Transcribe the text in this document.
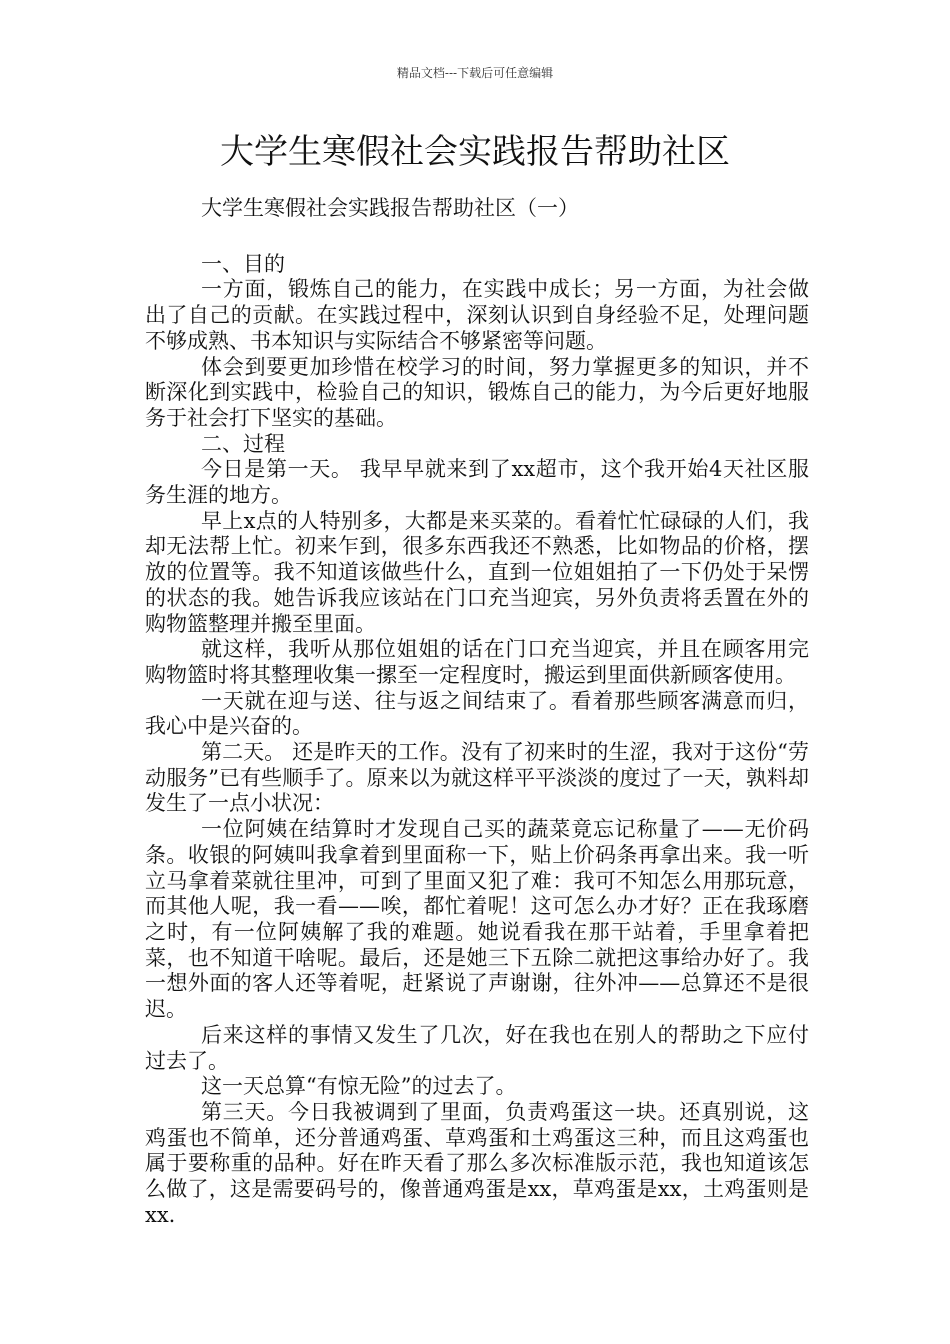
精品文档---下载后可任意编辑
大学生寒假社会实践报告帮助社区

大学生寒假社会实践报告帮助社区（一）

一、目的

一方面，锻炼自己的能力，在实践中成长；另一方面，为社会做出了自己的贡献。在实践过程中，深刻认识到自身经验不足，处理问题不够成熟、书本知识与实际结合不够紧密等问题。

体会到要更加珍惜在校学习的时间，努力掌握更多的知识，并不断深化到实践中，检验自己的知识，锻炼自己的能力，为今后更好地服务于社会打下坚实的基础。

二、过程

今日是第一天。 我早早就来到了xx超市，这个我开始4天社区服务生涯的地方。

早上x点的人特别多，大都是来买菜的。看着忙忙碌碌的人们，我却无法帮上忙。初来乍到，很多东西我还不熟悉，比如物品的价格，摆放的位置等。我不知道该做些什么，直到一位姐姐拍了一下仍处于呆愣的状态的我。她告诉我应该站在门口充当迎宾，另外负责将丢置在外的购物篮整理并搬至里面。

就这样，我听从那位姐姐的话在门口充当迎宾，并且在顾客用完购物篮时将其整理收集一摞至一定程度时，搬运到里面供新顾客使用。

一天就在迎与送、往与返之间结束了。看着那些顾客满意而归，我心中是兴奋的。

第二天。 还是昨天的工作。没有了初来时的生涩，我对于这份“劳动服务”已有些顺手了。原来以为就这样平平淡淡的度过了一天，孰料却发生了一点小状况：

一位阿姨在结算时才发现自己买的蔬菜竟忘记称量了——无价码条。收银的阿姨叫我拿着到里面称一下，贴上价码条再拿出来。我一听立马拿着菜就往里冲，可到了里面又犯了难：我可不知怎么用那玩意，而其他人呢，我一看——唉，都忙着呢！这可怎么办才好？正在我琢磨之时，有一位阿姨解了我的难题。她说看我在那干站着，手里拿着把菜，也不知道干啥呢。最后，还是她三下五除二就把这事给办好了。我一想外面的客人还等着呢，赶紧说了声谢谢，往外冲——总算还不是很迟。

后来这样的事情又发生了几次，好在我也在别人的帮助之下应付过去了。

这一天总算“有惊无险”的过去了。

第三天。今日我被调到了里面，负责鸡蛋这一块。还真别说，这鸡蛋也不简单，还分普通鸡蛋、草鸡蛋和土鸡蛋这三种，而且这鸡蛋也属于要称重的品种。好在昨天看了那么多次标准版示范，我也知道该怎么做了，这是需要码号的，像普通鸡蛋是xx，草鸡蛋是xx，土鸡蛋则是xx.
